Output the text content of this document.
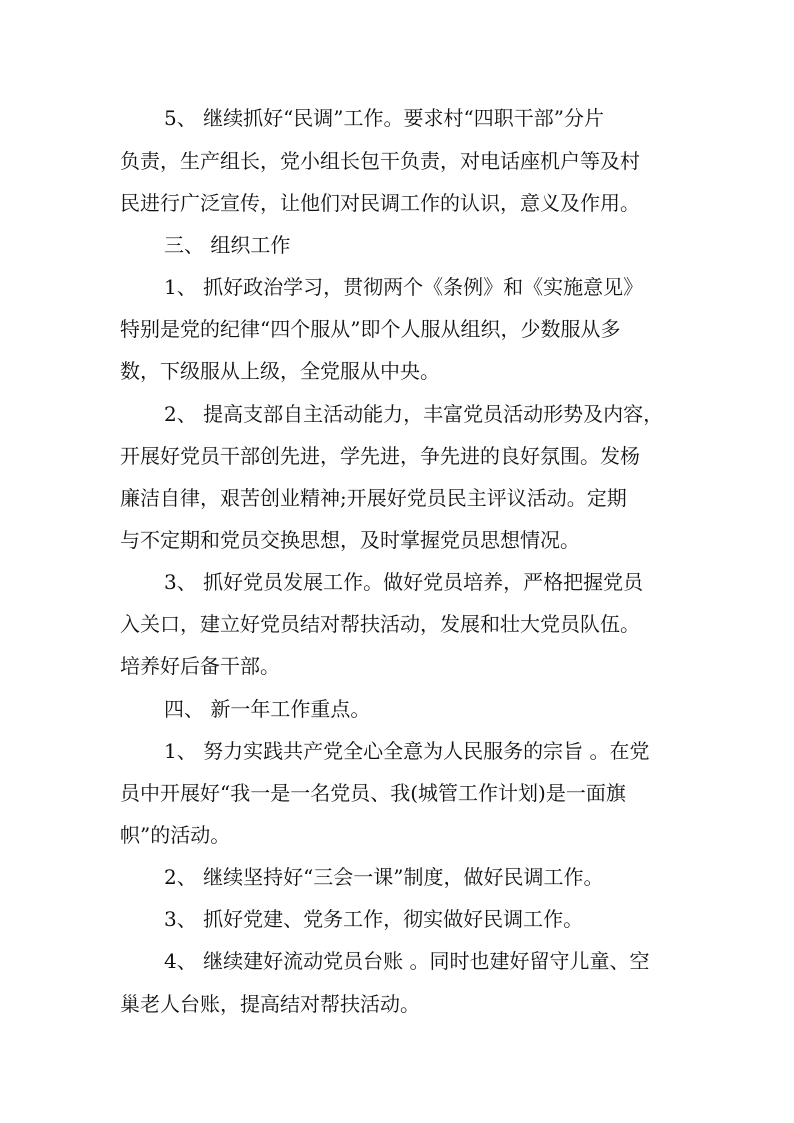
5、 继续抓好“民调”工作。要求村“四职干部”分片
负责，生产组长，党小组长包干负责，对电话座机户等及村
民进行广泛宣传，让他们对民调工作的认识，意义及作用。
三、 组织工作
1、 抓好政治学习，贯彻两个《条例》和《实施意见》
特别是党的纪律“四个服从”即个人服从组织，少数服从多
数，下级服从上级，全党服从中央。
2、 提高支部自主活动能力，丰富党员活动形势及内容，
开展好党员干部创先进，学先进，争先进的良好氛围。发杨
廉洁自律，艰苦创业精神;开展好党员民主评议活动。定期
与不定期和党员交换思想，及时掌握党员思想情况。
3、 抓好党员发展工作。做好党员培养，严格把握党员
入关口，建立好党员结对帮扶活动，发展和壮大党员队伍。
培养好后备干部。
四、 新一年工作重点。
1、 努力实践共产党全心全意为人民服务的宗旨 。在党
员中开展好“我一是一名党员、我(城管工作计划)是一面旗
帜”的活动。
2、 继续坚持好“三会一课”制度，做好民调工作。
3、 抓好党建、党务工作，彻实做好民调工作。
4、 继续建好流动党员台账 。同时也建好留守儿童、空
巢老人台账，提高结对帮扶活动。
